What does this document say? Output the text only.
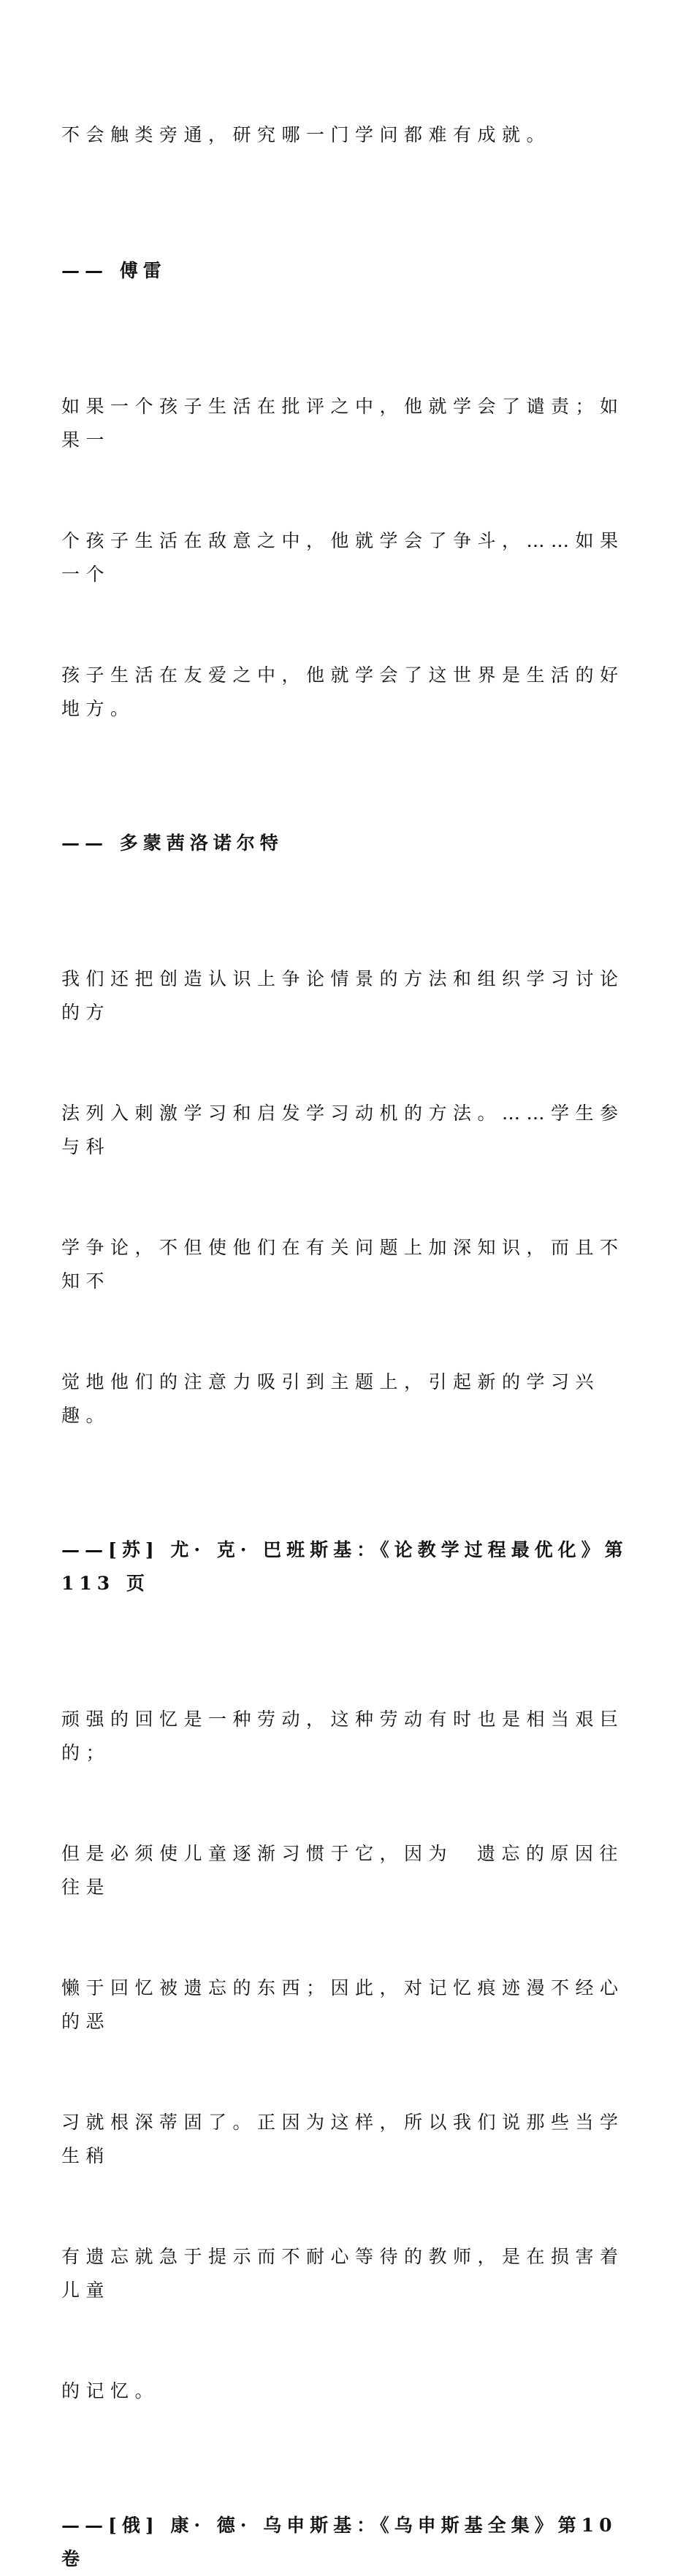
不会触类旁通，研究哪一门学问都难有成就。

—— 傅雷

如果一个孩子生活在批评之中，他就学会了谴责；如果一

个孩子生活在敌意之中，他就学会了争斗，……如果一个

孩子生活在友爱之中，他就学会了这世界是生活的好地方。

—— 多蒙茜洛诺尔特

我们还把创造认识上争论情景的方法和组织学习讨论的方

法列入刺激学习和启发学习动机的方法。……学生参与科

学争论，不但使他们在有关问题上加深知识，而且不知不

觉地他们的注意力吸引到主题上，引起新的学习兴趣。

——[苏] 尤· 克· 巴班斯基：《论教学过程最优化》第
113 页

顽强的回忆是一种劳动，这种劳动有时也是相当艰巨的；

但是必须使儿童逐渐习惯于它，因为  遗忘的原因往往是

懒于回忆被遗忘的东西；因此，对记忆痕迹漫不经心的恶

习就根深蒂固了。正因为这样，所以我们说那些当学生稍

有遗忘就急于提示而不耐心等待的教师，是在损害着儿童

的记忆。

——[俄] 康· 德· 乌申斯基：《乌申斯基全集》第10卷
